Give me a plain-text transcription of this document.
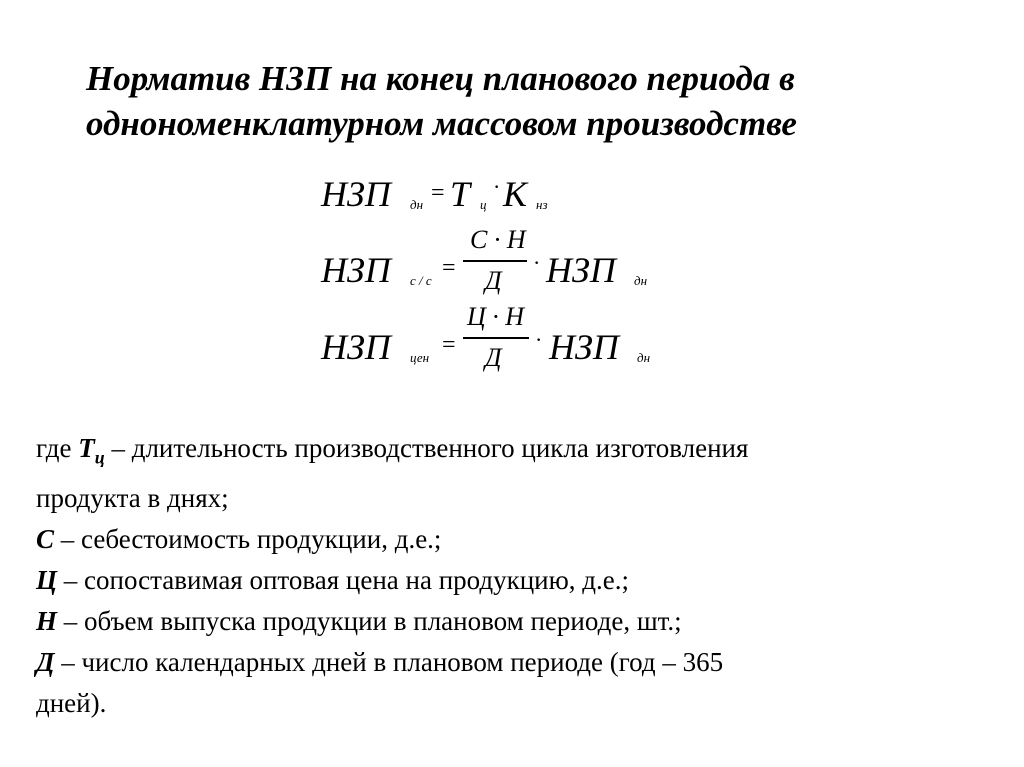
Норматив НЗП на конец планового периода в
однономенклатурном массовом производстве
НЗП дн = Т ц
· К нз
НЗП с / с =
С · Н
Д
· НЗП дн
НЗП цен =
Ц · Н
Д
· НЗП дн
где $Т_ц$ – длительность производственного цикла изготовления
продукта в днях;
С – себестоимость продукции, д.е.;
Ц – сопоставимая оптовая цена на продукцию, д.е.;
Н – объем выпуска продукции в плановом периоде, шт.;
Д – число календарных дней в плановом периоде (год – 365
дней).
